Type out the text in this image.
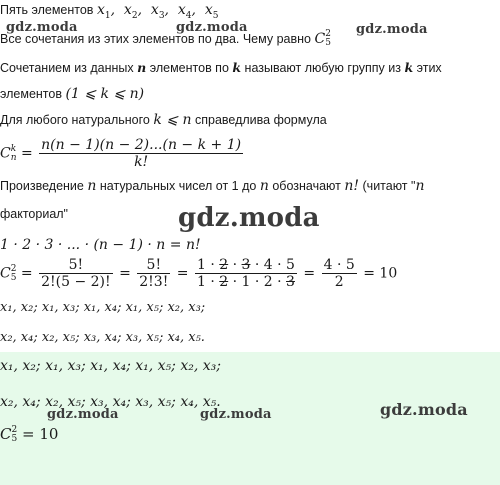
Пять элементов $x_1$,  $x_2$,  $x_3$,  $x_4$,  $x_5$
Все сочетания из этих элементов по два. Чему равно C 2
5
Сочетанием из данных n элементов по k называют любую группу из k этих
элементов (1 ⩽ k ⩽ n)
Для любого натурального k ⩽ n справедлива формула
C k
$n = \frac{n(n - 1)(n - 2)...(n - k + 1)}{k!}$
Произведение n натуральных чисел от 1 до n обозначают n! (читают "n
факториал"
1 · 2 · 3 · ... · (n − 1) · n = n!
C 2
$5 = \frac{5!}{2!(5 - 2)!} = \frac{5!}{2!3!} = \frac{1 \cdot 2 \cdot 3 \cdot 4 \cdot 5}{1 \cdot 2 \cdot 1 \cdot 2 \cdot 3} = \frac{4 \cdot 5}{2} = 10$
x₁, x₂; x₁, x₃; x₁, x₄; x₁, x₅; x₂, x₃;
x₂, x₄; x₂, x₅; x₃, x₄; x₃, x₅; x₄, x₅.
x₁, x₂; x₁, x₃; x₁, x₄; x₁, x₅; x₂, x₃;
x₂, x₄; x₂, x₅; x₃, x₄; x₃, x₅; x₄, x₅.
C 2
5 = 10
gdz.moda	gdz.moda	gdz.moda
gdz.moda
gdz.moda	gdz.moda	gdz.moda
